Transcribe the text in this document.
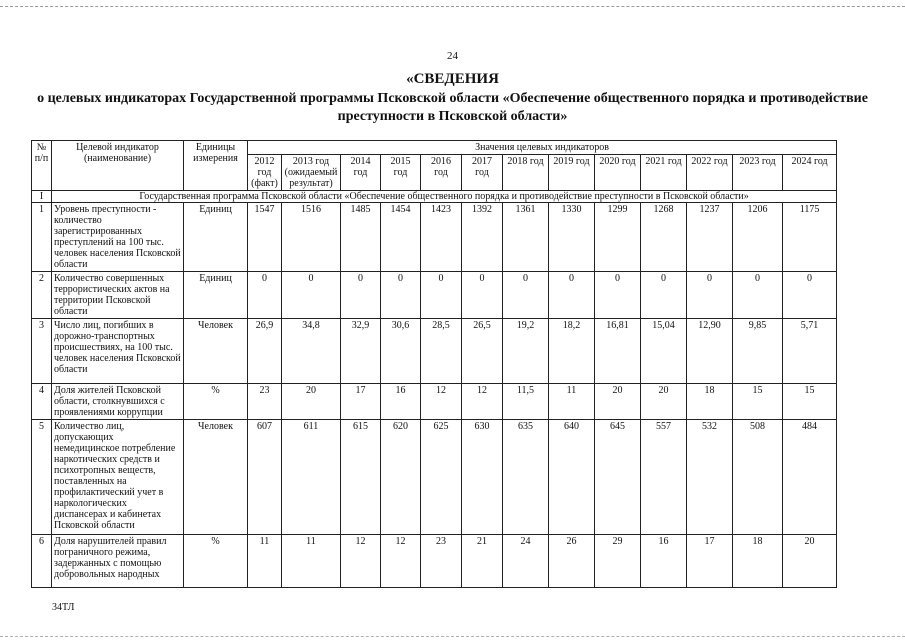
24
«СВЕДЕНИЯ
о целевых индикаторах Государственной программы Псковской области «Обеспечение общественного порядка и противодействие преступности в Псковской области»
№ п/п	Целевой индикатор (наименование)	Единицы измерения	Значения целевых индикаторов												
			2012 год (факт)	2013 год (ожидаемый результат)	2014 год	2015 год	2016 год	2017 год	2018 год	2019 год	2020 год	2021 год	2022 год	2023 год	2024 год
I	Государственная программа Псковской области «Обеспечение общественного порядка и противодействие преступности в Псковской области»														
1	Уровень преступности - количество зарегистрированных преступлений на 100 тыс. человек населения Псковской области	Единиц	1547	1516	1485	1454	1423	1392	1361	1330	1299	1268	1237	1206	1175
2	Количество совершенных террористических актов на территории Псковской области	Единиц	0	0	0	0	0	0	0	0	0	0	0	0	0
3	Число лиц, погибших в дорожно-транспортных происшествиях, на 100 тыс. человек населения Псковской области	Человек	26,9	34,8	32,9	30,6	28,5	26,5	19,2	18,2	16,81	15,04	12,90	9,85	5,71
4	Доля жителей Псковской области, столкнувшихся с проявлениями коррупции	%	23	20	17	16	12	12	11,5	11	20	20	18	15	15
5	Количество лиц, допускающих немедицинское потребление наркотических средств и психотропных веществ, поставленных на профилактический учет в наркологических диспансерах и кабинетах Псковской области	Человек	607	611	615	620	625	630	635	640	645	557	532	508	484
6	Доля нарушителей правил пограничного режима, задержанных с помощью добровольных народных	%	11	11	12	12	23	21	24	26	29	16	17	18	20
34ТЛ
